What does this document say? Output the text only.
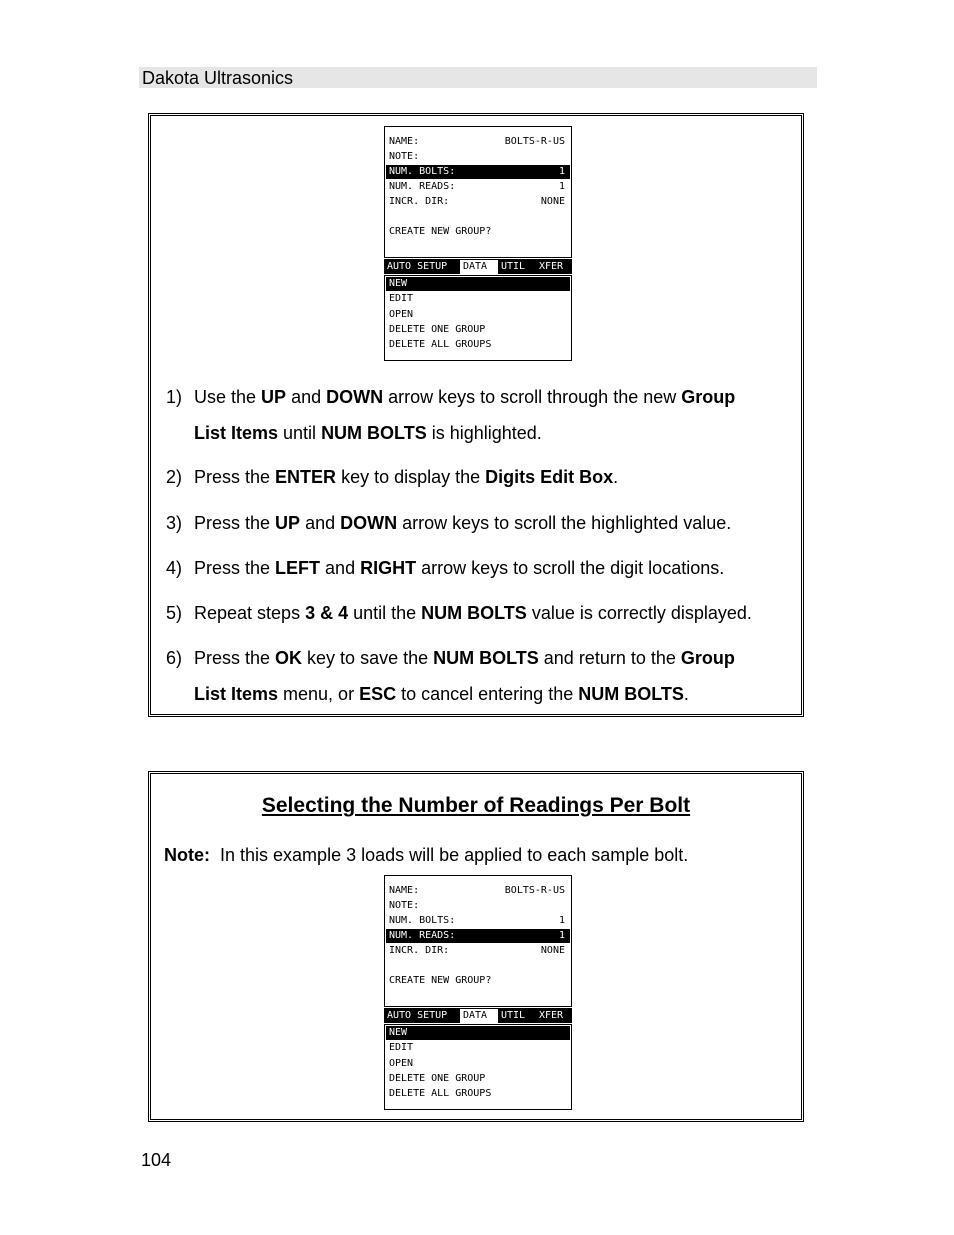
Dakota Ultrasonics
NAME:	BOLTS-R-US
NOTE:
NUM. BOLTS:	1
NUM. READS:	1
INCR. DIR:	NONE
CREATE NEW GROUP?
AUTO SETUP	DATA	UTIL	XFER
NEW
EDIT
OPEN
DELETE ONE GROUP
DELETE ALL GROUPS
1) Use the UP and DOWN arrow keys to scroll through the new Group
List Items until NUM BOLTS is highlighted.
2) Press the ENTER key to display the Digits Edit Box.
3) Press the UP and DOWN arrow keys to scroll the highlighted value.
4) Press the LEFT and RIGHT arrow keys to scroll the digit locations.
5) Repeat steps 3 & 4 until the NUM BOLTS value is correctly displayed.
6) Press the OK key to save the NUM BOLTS and return to the Group
List Items menu, or ESC to cancel entering the NUM BOLTS.
Selecting the Number of Readings Per Bolt
Note: In this example 3 loads will be applied to each sample bolt.
NAME:	BOLTS-R-US
NOTE:
NUM. BOLTS:	1
NUM. READS:	1
INCR. DIR:	NONE
CREATE NEW GROUP?
AUTO SETUP	DATA	UTIL	XFER
NEW
EDIT
OPEN
DELETE ONE GROUP
DELETE ALL GROUPS
104
